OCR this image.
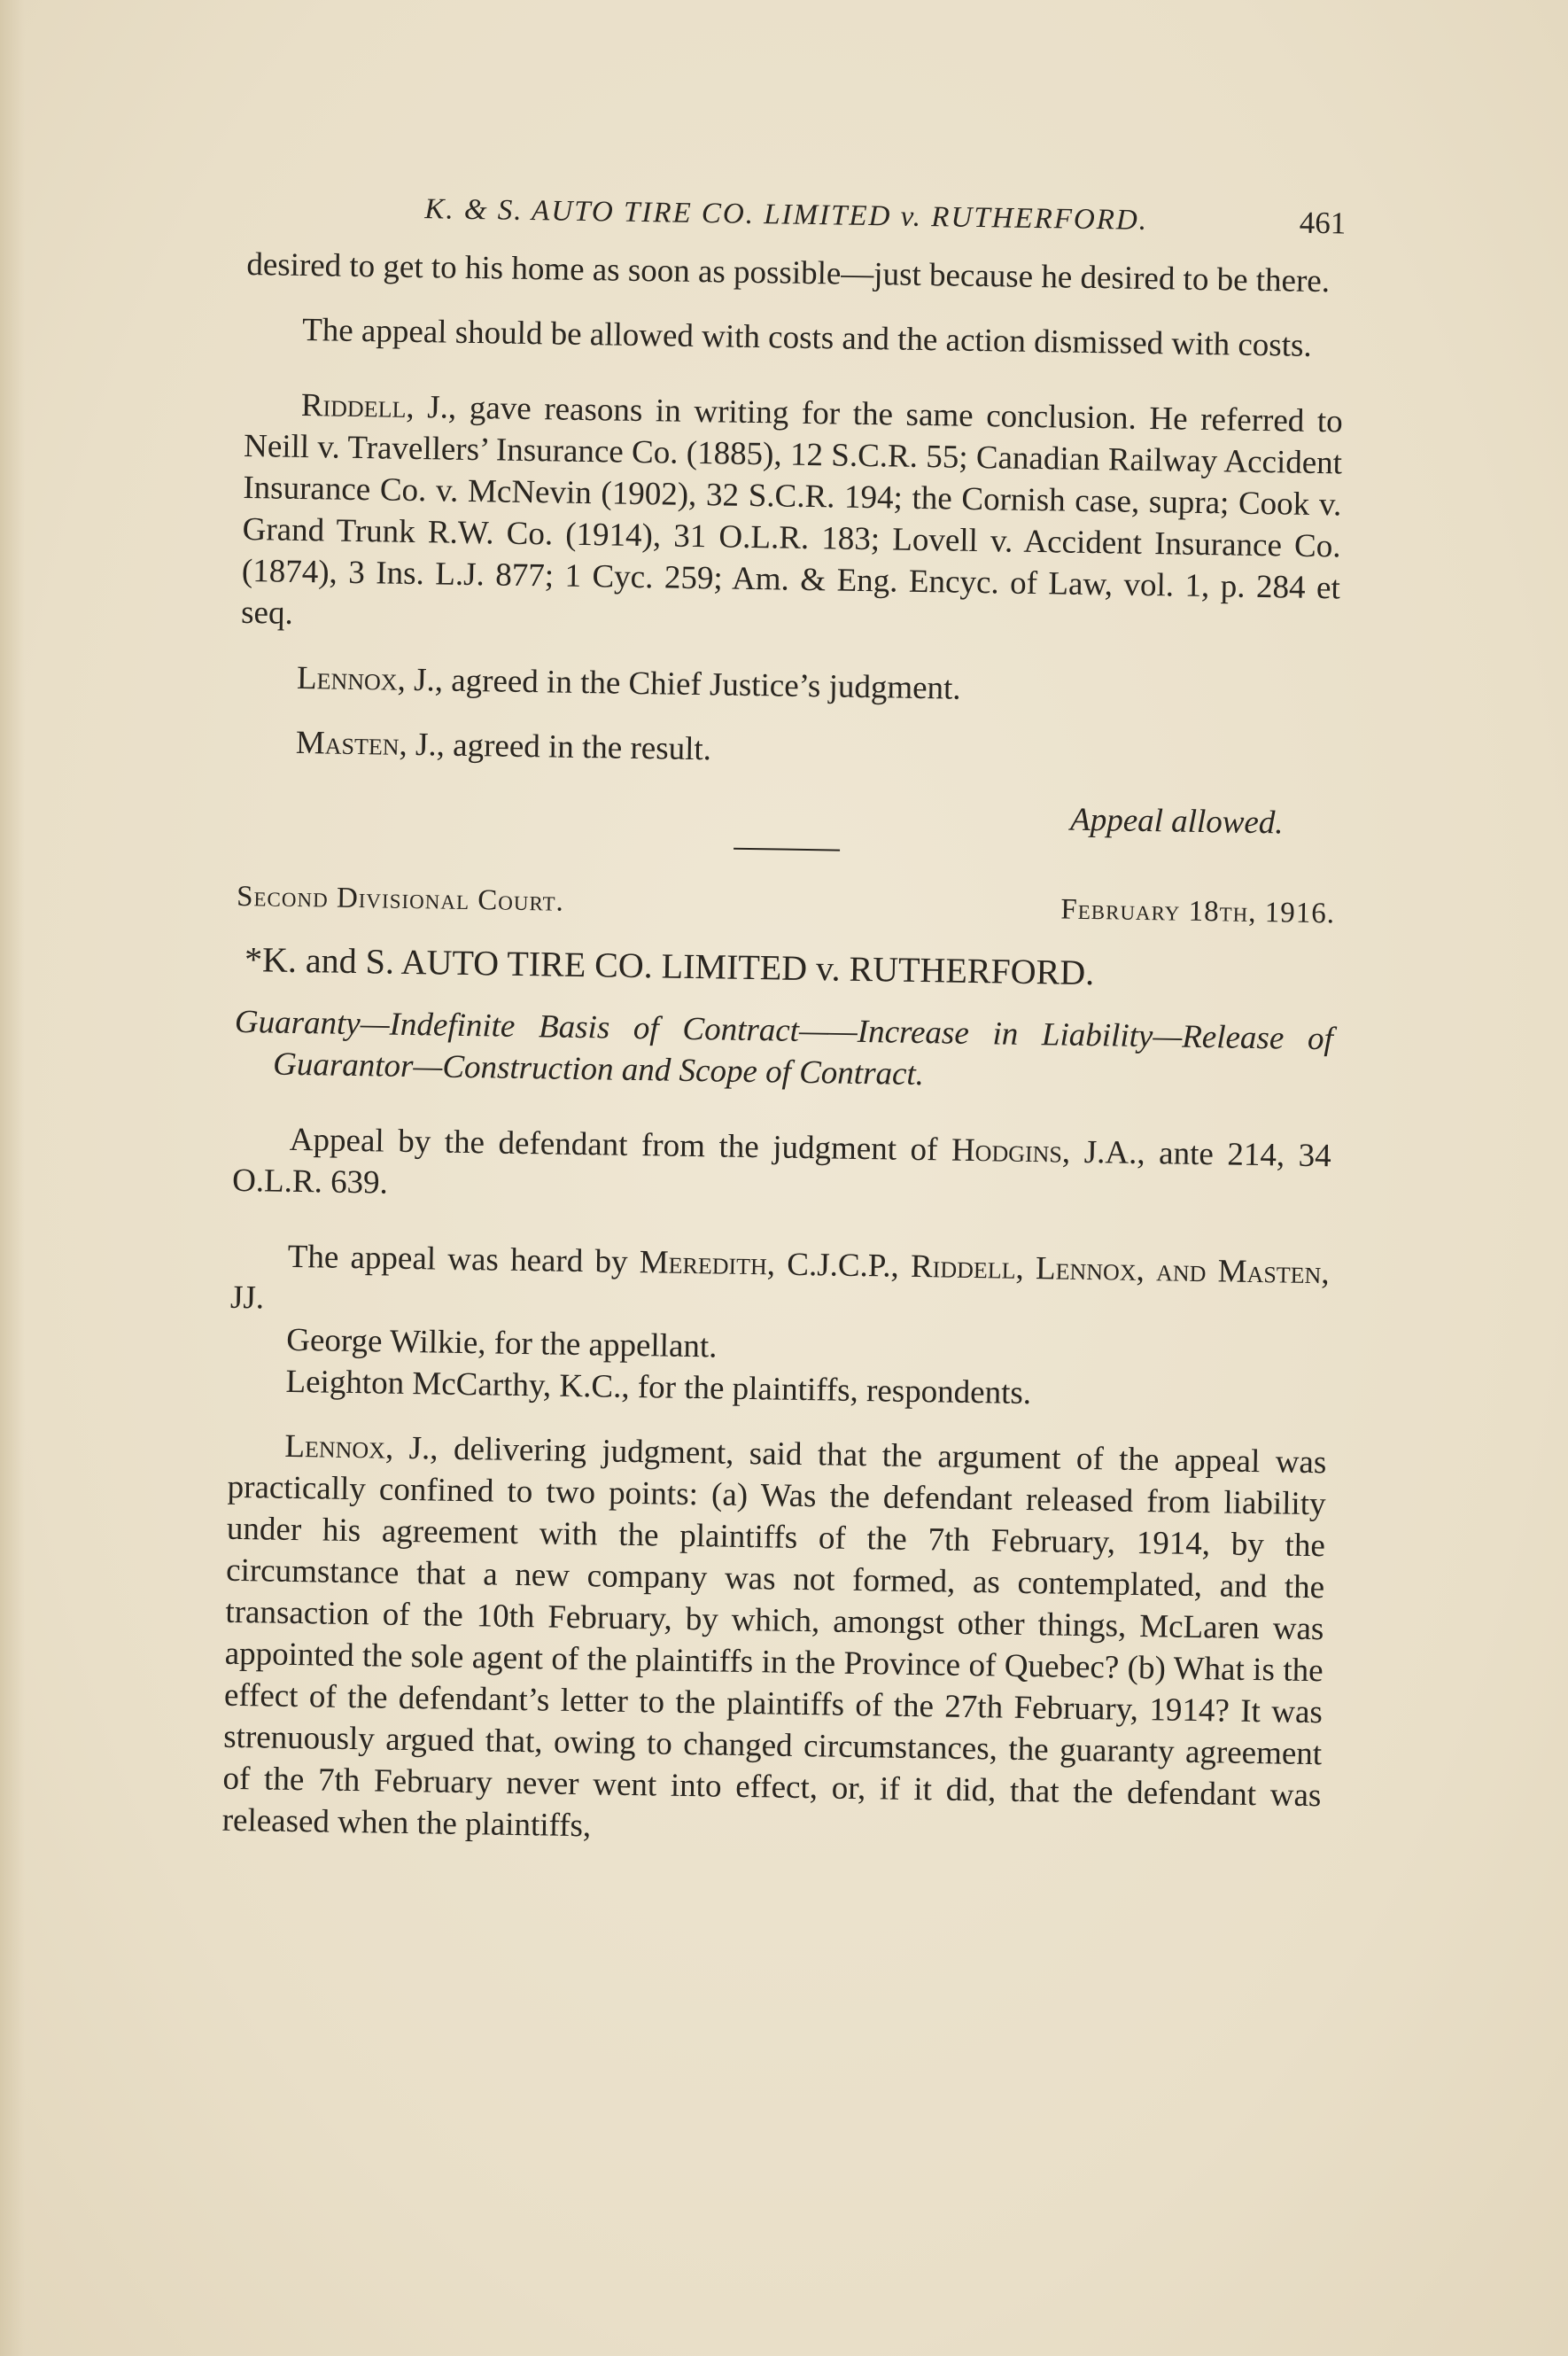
K. & S. AUTO TIRE CO. LIMITED v. RUTHERFORD.	461

desired to get to his home as soon as possible—just because he desired to be there.

The appeal should be allowed with costs and the action dismissed with costs.

Riddell, J., gave reasons in writing for the same conclusion. He referred to Neill v. Travellers’ Insurance Co. (1885), 12 S.C.R. 55; Canadian Railway Accident Insurance Co. v. McNevin (1902), 32 S.C.R. 194; the Cornish case, supra; Cook v. Grand Trunk R.W. Co. (1914), 31 O.L.R. 183; Lovell v. Accident Insurance Co. (1874), 3 Ins. L.J. 877; 1 Cyc. 259; Am. & Eng. Encyc. of Law, vol. 1, p. 284 et seq.

Lennox, J., agreed in the Chief Justice’s judgment.

Masten, J., agreed in the result.

Appeal allowed.
Second Divisional Court.	February 18th, 1916.
*K. and S. AUTO TIRE CO. LIMITED v. RUTHERFORD.
Guaranty—Indefinite Basis of Contract——Increase in Liability—Release of Guarantor—Construction and Scope of Contract.

Appeal by the defendant from the judgment of Hodgins, J.A., ante 214, 34 O.L.R. 639.

The appeal was heard by Meredith, C.J.C.P., Riddell, Lennox, and Masten, JJ.

George Wilkie, for the appellant.

Leighton McCarthy, K.C., for the plaintiffs, respondents.

Lennox, J., delivering judgment, said that the argument of the appeal was practically confined to two points: (a) Was the defendant released from liability under his agreement with the plaintiffs of the 7th February, 1914, by the circumstance that a new company was not formed, as contemplated, and the transaction of the 10th February, by which, amongst other things, McLaren was appointed the sole agent of the plaintiffs in the Province of Quebec? (b) What is the effect of the defendant’s letter to the plaintiffs of the 27th February, 1914? It was strenuously argued that, owing to changed circumstances, the guaranty agreement of the 7th February never went into effect, or, if it did, that the defendant was released when the plaintiffs,
